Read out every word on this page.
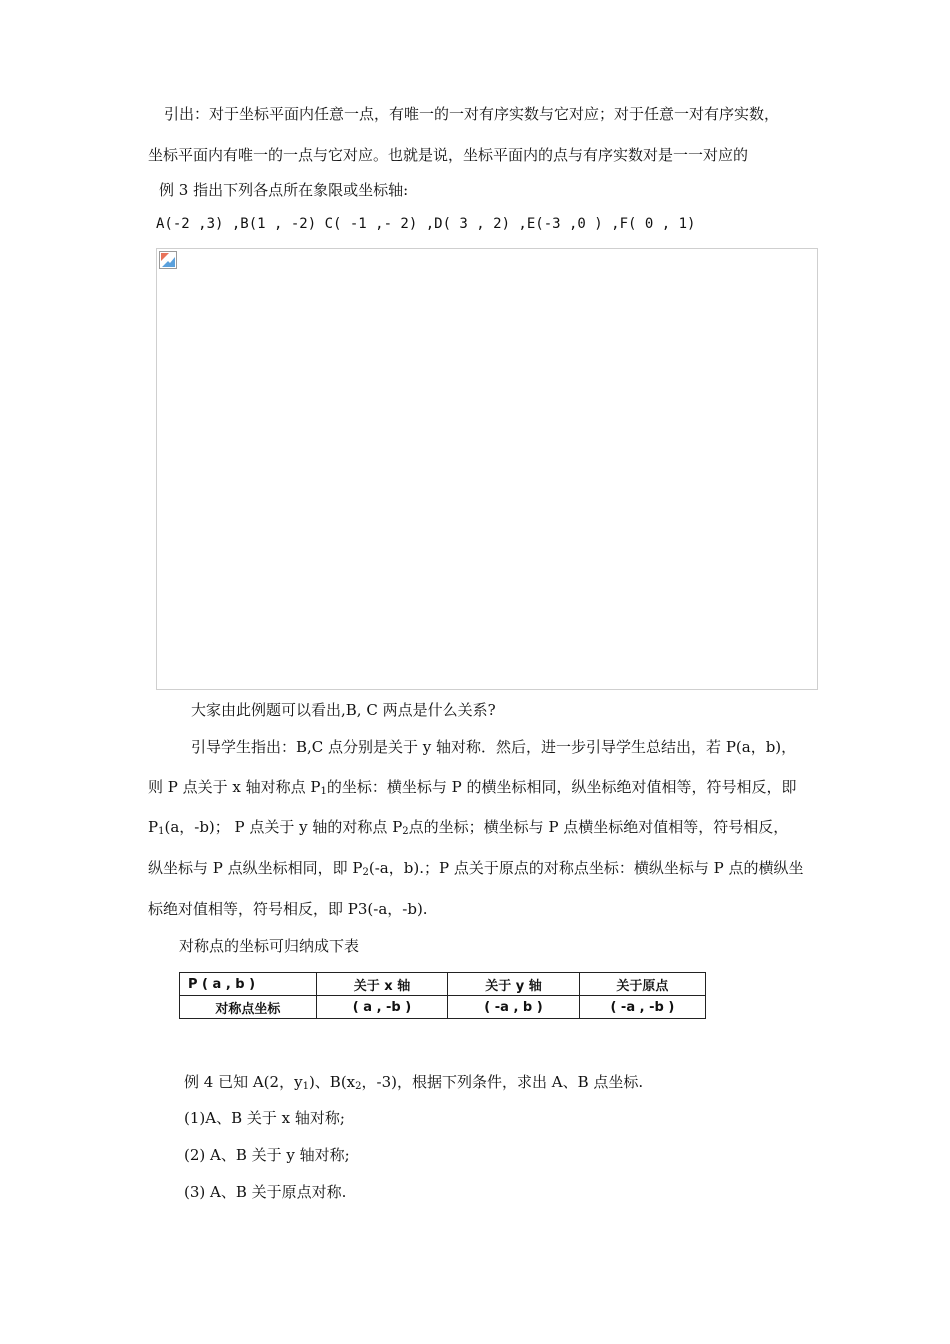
引出：对于坐标平面内任意一点，有唯一的一对有序实数与它对应；对于任意一对有序实数，
坐标平面内有唯一的一点与它对应。也就是说，坐标平面内的点与有序实数对是一一对应的
例 3 指出下列各点所在象限或坐标轴:
A(-2 ,3) ,B(1 , -2) C( -1 ,- 2) ,D( 3 , 2) ,E(-3 ,0 ) ,F( 0 , 1)
大家由此例题可以看出,B, C 两点是什么关系?
引导学生指出：B,C 点分别是关于 y 轴对称．然后，进一步引导学生总结出，若 P(a，b)，
则 P 点关于 x 轴对称点 $P_1$的坐标：横坐标与 P 的横坐标相同，纵坐标绝对值相等，符号相反，即
$P_1(a$，-b)； P 点关于 y 轴的对称点 $P_2$点的坐标；横坐标与 P 点横坐标绝对值相等，符号相反，
纵坐标与 P 点纵坐标相同，即 $P_2(-a$，b).；P 点关于原点的对称点坐标：横纵坐标与 P 点的横纵坐
标绝对值相等，符号相反，即 P3(-a，-b).
对称点的坐标可归纳成下表
P ( a , b )	关于 x 轴	关于 y 轴	关于原点
对称点坐标	( a , -b )	( -a , b )	( -a , -b )
例 4 已知 A(2，$y_1$)、$B(x_2$，-3)，根据下列条件，求出 A、B 点坐标.
(1)A、B 关于 x 轴对称;
(2) A、B 关于 y 轴对称;
(3) A、B 关于原点对称.
